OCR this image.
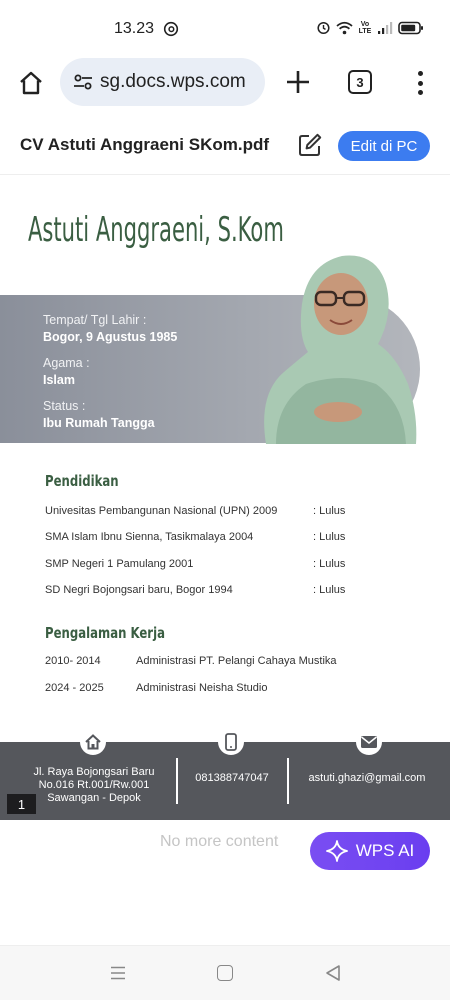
13.23	Vo LTE
sg.docs.wps.com	3
CV Astuti Anggraeni SKom.pdf	Edit di PC
Astuti Anggraeni, S.Kom
Tempat/ Tgl Lahir :
Bogor, 9 Agustus 1985
Agama :
Islam
Status :
Ibu Rumah Tangga
Pendidikan
Univesitas Pembangunan Nasional (UPN) 2009	: Lulus
SMA Islam Ibnu Sienna, Tasikmalaya 2004	: Lulus
SMP Negeri 1 Pamulang 2001	: Lulus
SD Negri Bojongsari baru, Bogor 1994	: Lulus
Pengalaman Kerja
2010- 2014	Administrasi PT. Pelangi Cahaya Mustika
2024 - 2025	Administrasi Neisha Studio
Jl. Raya Bojongsari Baru
No.016 Rt.001/Rw.001
Sawangan - Depok
081388747047	astuti.ghazi@gmail.com
1
No more content	WPS AI
